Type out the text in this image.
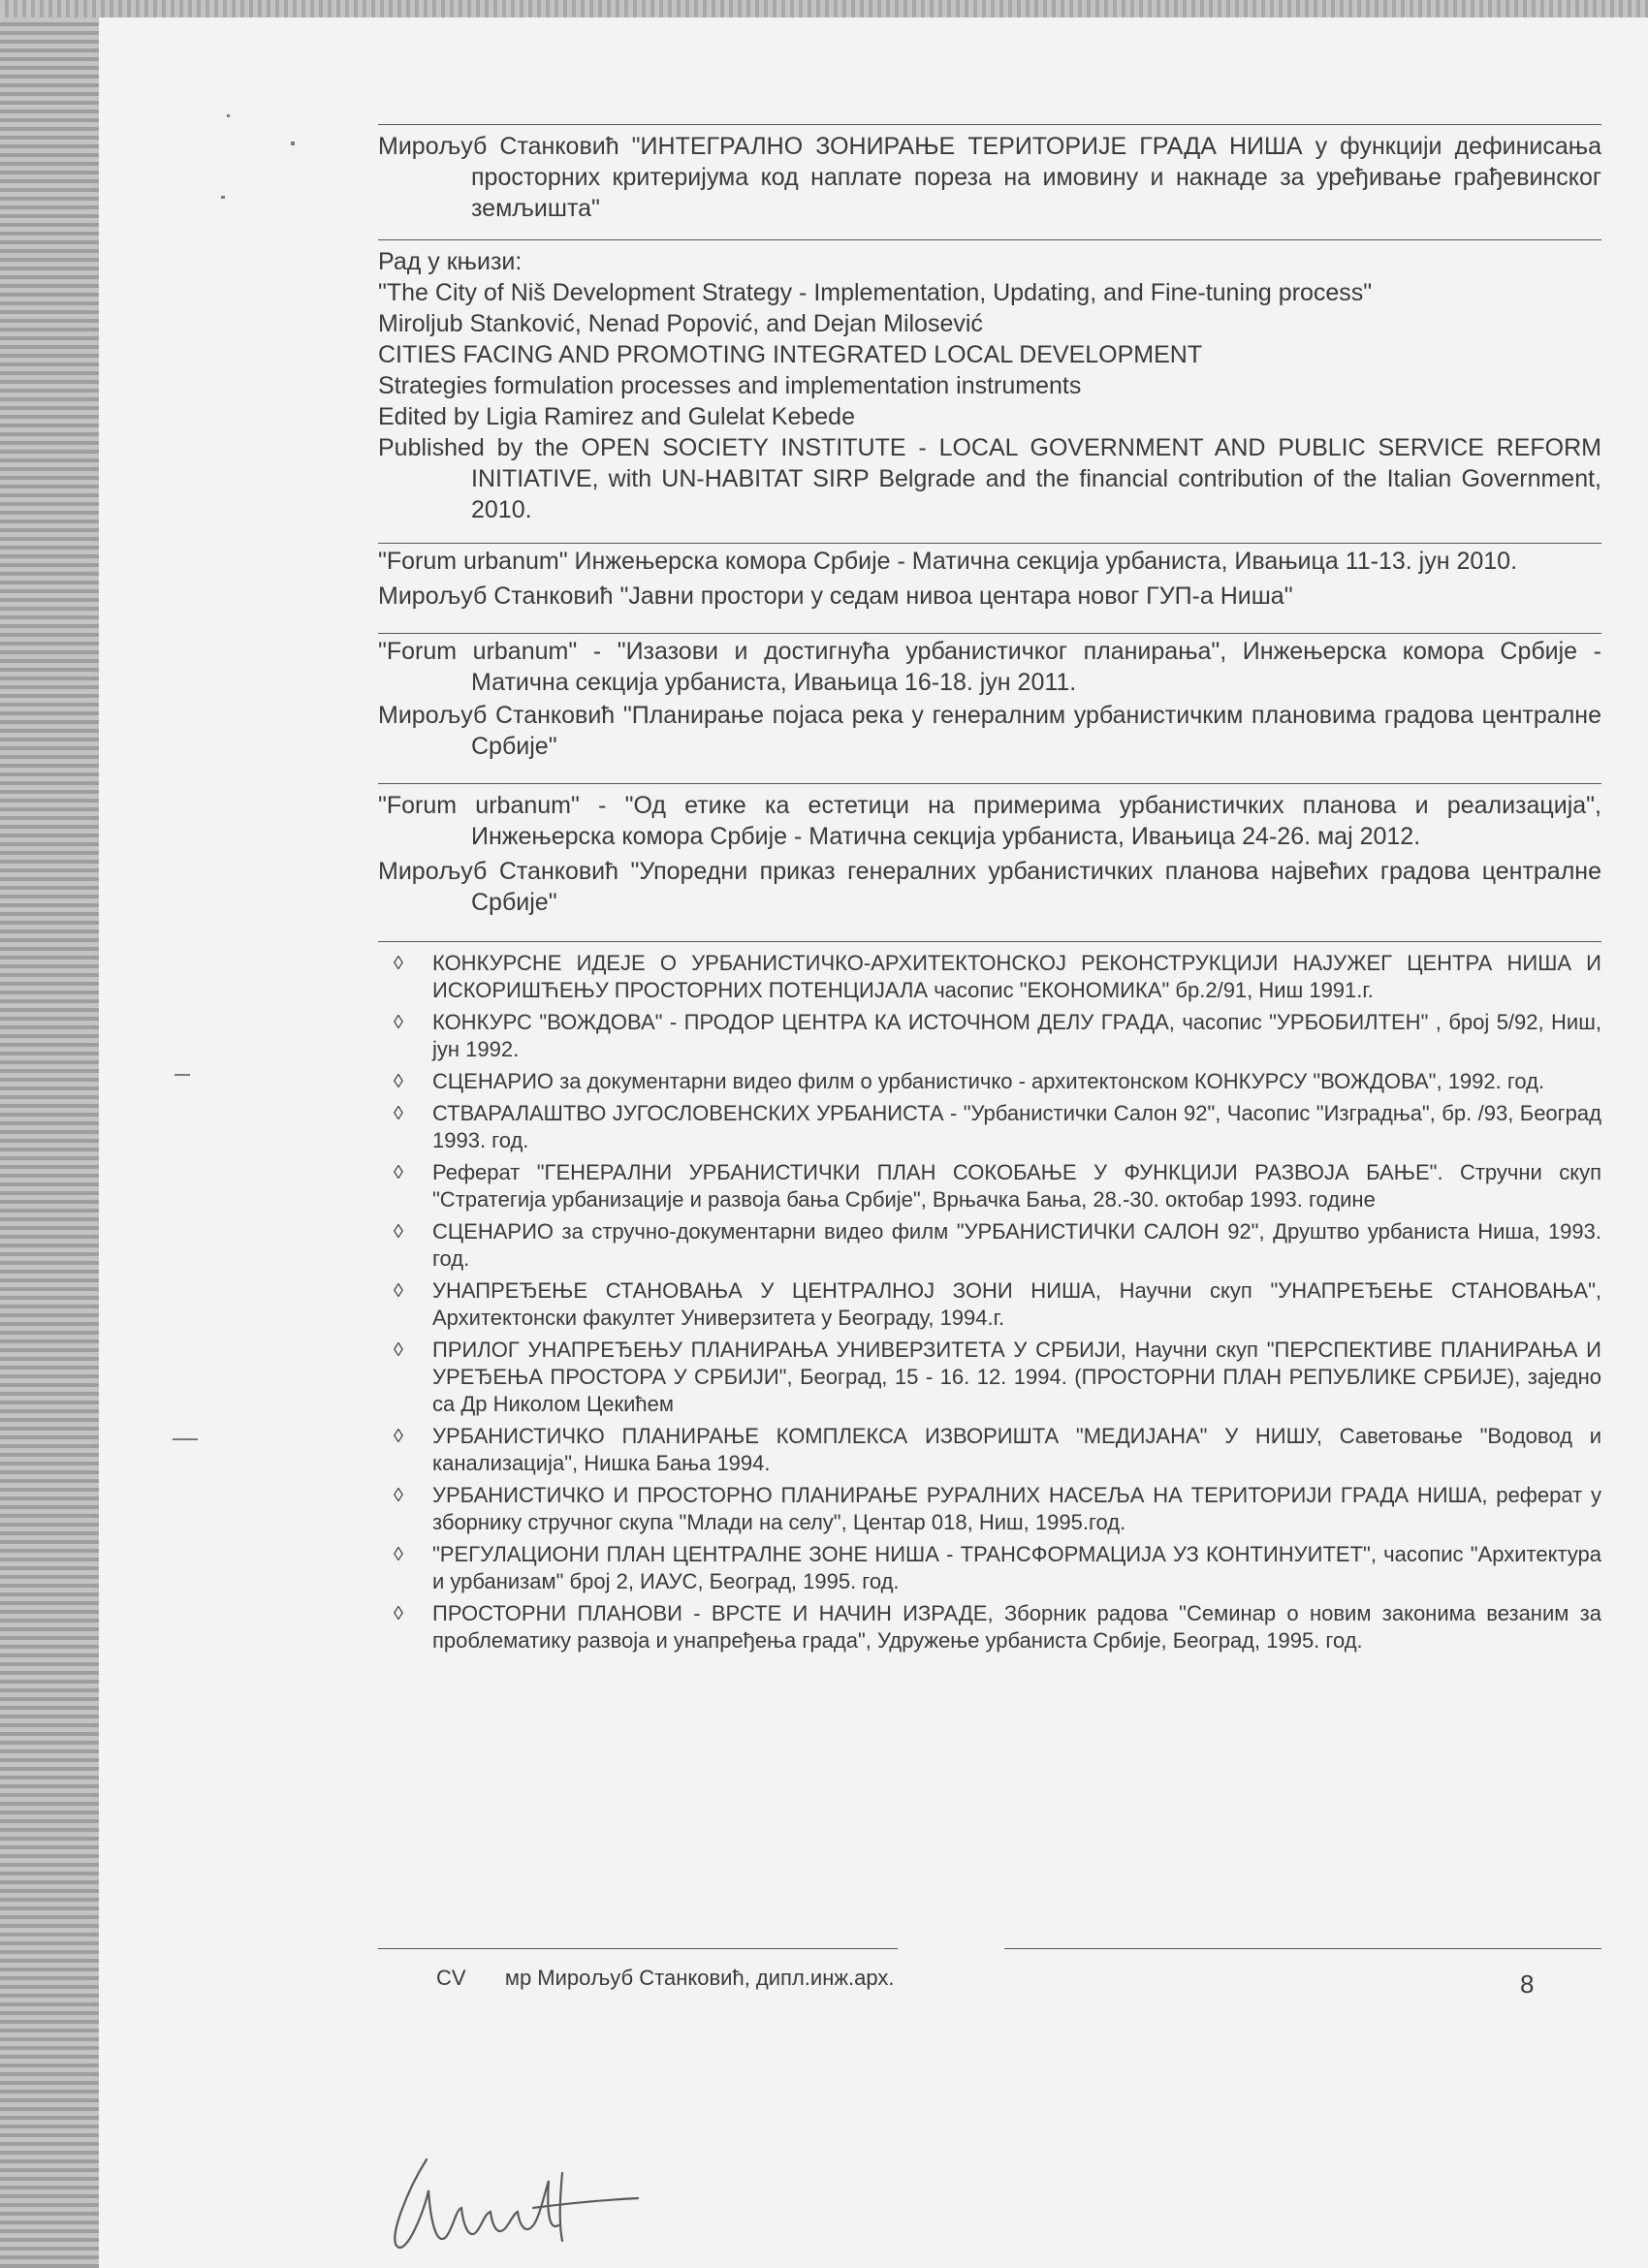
Мирољуб Станковић "ИНТЕГРАЛНО ЗОНИРАЊЕ ТЕРИТОРИЈЕ ГРАДА НИША у функцији дефинисања просторних критеријума код наплате пореза на имовину и накнаде за уређивање грађевинског земљишта"
Рад у књизи:
"The City of Niš Development Strategy - Implementation, Updating, and Fine-tuning process"
Miroljub Stanković, Nenad Popović, and Dejan Milosević
CITIES FACING AND PROMOTING INTEGRATED LOCAL DEVELOPMENT
Strategies formulation processes and implementation instruments
Edited by Ligia Ramirez and Gulelat Kebede
Published by the OPEN SOCIETY INSTITUTE - LOCAL GOVERNMENT AND PUBLIC SERVICE REFORM INITIATIVE, with UN-HABITAT SIRP Belgrade and the financial contribution of the Italian Government, 2010.
"Forum urbanum" Инжењерска комора Србије - Матична секција урбаниста, Ивањица 11-13. јун 2010.
Мирољуб Станковић "Јавни простори у седам нивоа центара новог ГУП-а Ниша"
"Forum urbanum" - "Изазови и достигнућа урбанистичког планирања", Инжењерска комора Србије - Матична секција урбаниста, Ивањица 16-18. јун 2011.
Мирољуб Станковић "Планирање појаса река у генералним урбанистичким плановима градова централне Србије"
"Forum urbanum" - "Од етике ка естетици на примерима урбанистичких планова и реализација", Инжењерска комора Србије - Матична секција урбаниста, Ивањица 24-26. мај 2012.
Мирољуб Станковић "Упоредни приказ генералних урбанистичких планова највећих градова централне Србије"
◊ КОНКУРСНЕ ИДЕЈЕ О УРБАНИСТИЧКО-АРХИТЕКТОНСКОЈ РЕКОНСТРУКЦИЈИ НАЈУЖЕГ ЦЕНТРА НИША И ИСКОРИШЋЕЊУ ПРОСТОРНИХ ПОТЕНЦИЈАЛА часопис "ЕКОНОМИКА" бр.2/91, Ниш 1991.г.
◊ КОНКУРС "ВОЖДОВА" - ПРОДОР ЦЕНТРА КА ИСТОЧНОМ ДЕЛУ ГРАДА, часопис "УРБОБИЛТЕН" , број 5/92, Ниш, јун 1992.
◊ СЦЕНАРИО за документарни видео филм о урбанистичко - архитектонском КОНКУРСУ "ВОЖДОВА", 1992. год.
◊ СТВАРАЛАШТВО ЈУГОСЛОВЕНСКИХ УРБАНИСТА - "Урбанистички Салон 92", Часопис "Изградња", бр. /93, Београд 1993. год.
◊ Реферат "ГЕНЕРАЛНИ УРБАНИСТИЧКИ ПЛАН СОКОБАЊЕ У ФУНКЦИЈИ РАЗВОЈА БАЊЕ". Стручни скуп "Стратегија урбанизације и развоја бања Србије", Врњачка Бања, 28.-30. октобар 1993. године
◊ СЦЕНАРИО за стручно-документарни видео филм "УРБАНИСТИЧКИ САЛОН 92", Друштво урбаниста Ниша, 1993. год.
◊ УНАПРЕЂЕЊЕ СТАНОВАЊА У ЦЕНТРАЛНОЈ ЗОНИ НИША, Научни скуп "УНАПРЕЂЕЊЕ СТАНОВАЊА", Архитектонски факултет Универзитета у Београду, 1994.г.
◊ ПРИЛОГ УНАПРЕЂЕЊУ ПЛАНИРАЊА УНИВЕРЗИТЕТА У СРБИЈИ, Научни скуп "ПЕРСПЕКТИВЕ ПЛАНИРАЊА И УРЕЂЕЊА ПРОСТОРА У СРБИЈИ", Београд, 15 - 16. 12. 1994. (ПРОСТОРНИ ПЛАН РЕПУБЛИКЕ СРБИЈЕ), заједно са Др Николом Цекићем
◊ УРБАНИСТИЧКО ПЛАНИРАЊЕ КОМПЛЕКСА ИЗВОРИШТА "МЕДИЈАНА" У НИШУ, Саветовање "Водовод и канализација", Нишка Бања 1994.
◊ УРБАНИСТИЧКО И ПРОСТОРНО ПЛАНИРАЊЕ РУРАЛНИХ НАСЕЉА НА ТЕРИТОРИЈИ ГРАДА НИША, реферат у зборнику стручног скупа "Млади на селу", Центар 018, Ниш, 1995.год.
◊ "РЕГУЛАЦИОНИ ПЛАН ЦЕНТРАЛНЕ ЗОНЕ НИША - ТРАНСФОРМАЦИЈА УЗ КОНТИНУИТЕТ", часопис "Архитектура и урбанизам" број 2, ИАУС, Београд, 1995. год.
◊ ПРОСТОРНИ ПЛАНОВИ - ВРСТЕ И НАЧИН ИЗРАДЕ, Зборник радова "Семинар о новим законима везаним за проблематику развоја и унапређења града", Удружење урбаниста Србије, Београд, 1995. год.
CV мр Мирољуб Станковић, дипл.инж.арх.	8
